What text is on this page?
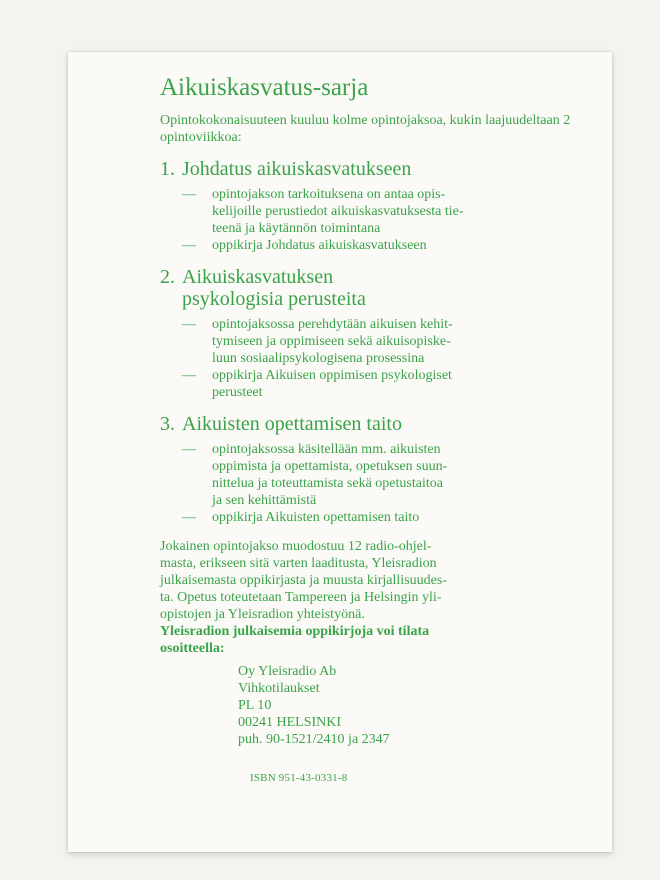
Aikuiskasvatus-sarja
Opintokokonaisuuteen kuuluu kolme opintojaksoa, kukin laajuudeltaan 2 opintoviikkoa:
1. Johdatus aikuiskasvatukseen
—	opintojakson tarkoituksena on antaa opis-
kelijoille perustiedot aikuiskasvatuksesta tie-
teenä ja käytännön toimintana
—	oppikirja Johdatus aikuiskasvatukseen
2. Aikuiskasvatuksen
psykologisia perusteita
—	opintojaksossa perehdytään aikuisen kehit-
tymiseen ja oppimiseen sekä aikuisopiske-
luun sosiaalipsykologisena prosessina
—	oppikirja Aikuisen oppimisen psykologiset
perusteet
3. Aikuisten opettamisen taito
—	opintojaksossa käsitellään mm. aikuisten
oppimista ja opettamista, opetuksen suun-
nittelua ja toteuttamista sekä opetustaitoa
ja sen kehittämistä
—	oppikirja Aikuisten opettamisen taito

Jokainen opintojakso muodostuu 12 radio-ohjel-
masta, erikseen sitä varten laaditusta, Yleisradion
julkaisemasta oppikirjasta ja muusta kirjallisuudes-
ta. Opetus toteutetaan Tampereen ja Helsingin yli-
opistojen ja Yleisradion yhteistyönä.

Yleisradion julkaisemia oppikirjoja voi tilata
osoitteella:

Oy Yleisradio Ab
Vihkotilaukset
PL 10
00241 HELSINKI
puh. 90-1521/2410 ja 2347
ISBN 951-43-0331-8
